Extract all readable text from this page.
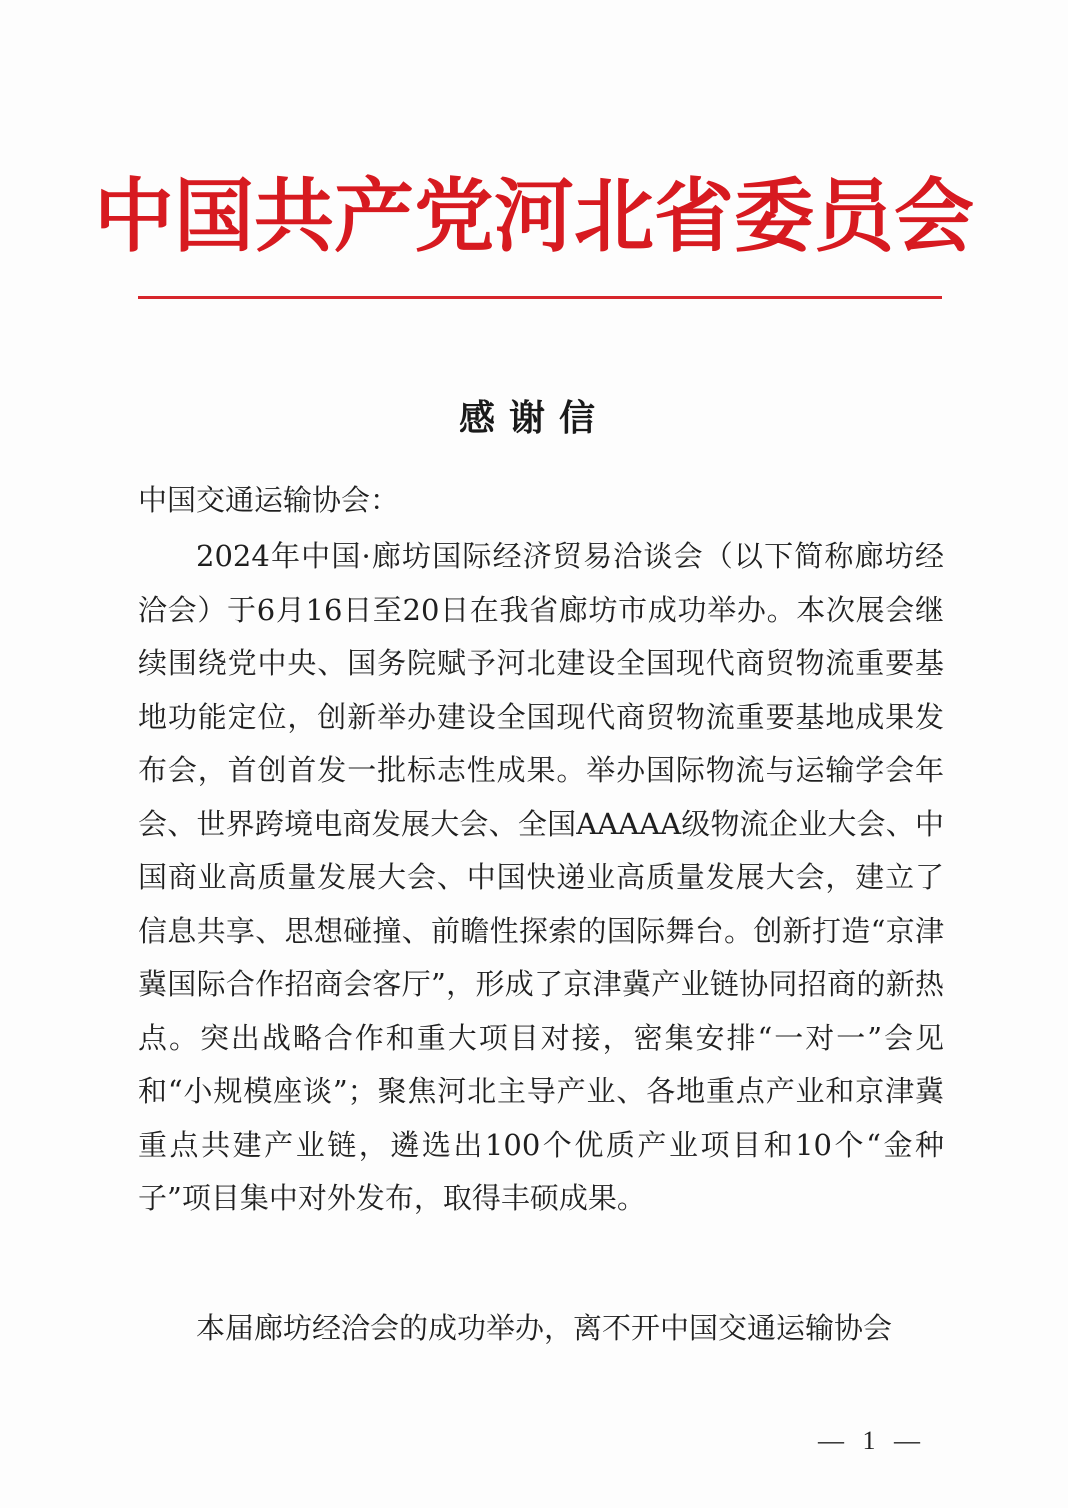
中国共产党河北省委员会
感谢信
中国交通运输协会：

2024年中国·廊坊国际经济贸易洽谈会（以下简称廊坊经洽会）于6月16日至20日在我省廊坊市成功举办。本次展会继续围绕党中央、国务院赋予河北建设全国现代商贸物流重要基地功能定位，创新举办建设全国现代商贸物流重要基地成果发布会，首创首发一批标志性成果。举办国际物流与运输学会年会、世界跨境电商发展大会、全国AAAAA级物流企业大会、中国商业高质量发展大会、中国快递业高质量发展大会，建立了信息共享、思想碰撞、前瞻性探索的国际舞台。创新打造“京津冀国际合作招商会客厅”，形成了京津冀产业链协同招商的新热点。突出战略合作和重大项目对接，密集安排“一对一”会见和“小规模座谈”；聚焦河北主导产业、各地重点产业和京津冀重点共建产业链，遴选出100个优质产业项目和10个“金种子”项目集中对外发布，取得丰硕成果。

本届廊坊经洽会的成功举办，离不开中国交通运输协会

— 1 —
